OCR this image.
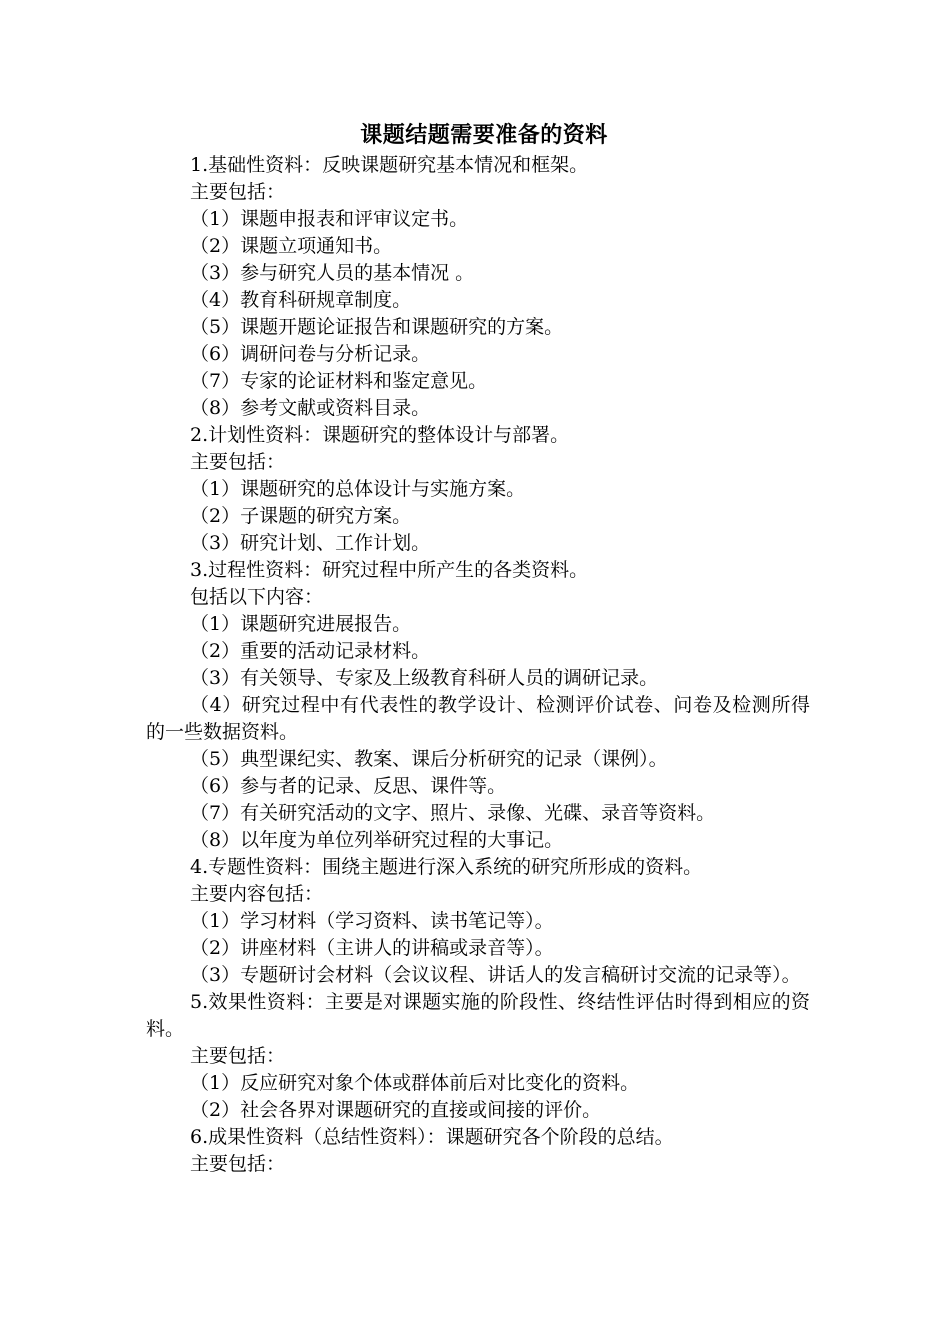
课题结题需要准备的资料

1.基础性资料：反映课题研究基本情况和框架。

主要包括：

（1）课题申报表和评审议定书。

（2）课题立项通知书。

（3）参与研究人员的基本情况 。

（4）教育科研规章制度。

（5）课题开题论证报告和课题研究的方案。

（6）调研问卷与分析记录。

（7）专家的论证材料和鉴定意见。

（8）参考文献或资料目录。

2.计划性资料：课题研究的整体设计与部署。

主要包括：

（1）课题研究的总体设计与实施方案。

（2）子课题的研究方案。

（3）研究计划、工作计划。

3.过程性资料：研究过程中所产生的各类资料。

包括以下内容：

（1）课题研究进展报告。

（2）重要的活动记录材料。

（3）有关领导、专家及上级教育科研人员的调研记录。

（4）研究过程中有代表性的教学设计、检测评价试卷、问卷及检测所得的一些数据资料。

（5）典型课纪实、教案、课后分析研究的记录（课例）。

（6）参与者的记录、反思、课件等。

（7）有关研究活动的文字、照片、录像、光碟、录音等资料。

（8）以年度为单位列举研究过程的大事记。

4.专题性资料：围绕主题进行深入系统的研究所形成的资料。

主要内容包括：

（1）学习材料（学习资料、读书笔记等）。

（2）讲座材料（主讲人的讲稿或录音等）。

（3）专题研讨会材料（会议议程、讲话人的发言稿研讨交流的记录等）。

5.效果性资料：主要是对课题实施的阶段性、终结性评估时得到相应的资料。

主要包括：

（1）反应研究对象个体或群体前后对比变化的资料。

（2）社会各界对课题研究的直接或间接的评价。

6.成果性资料（总结性资料）：课题研究各个阶段的总结。

主要包括：
